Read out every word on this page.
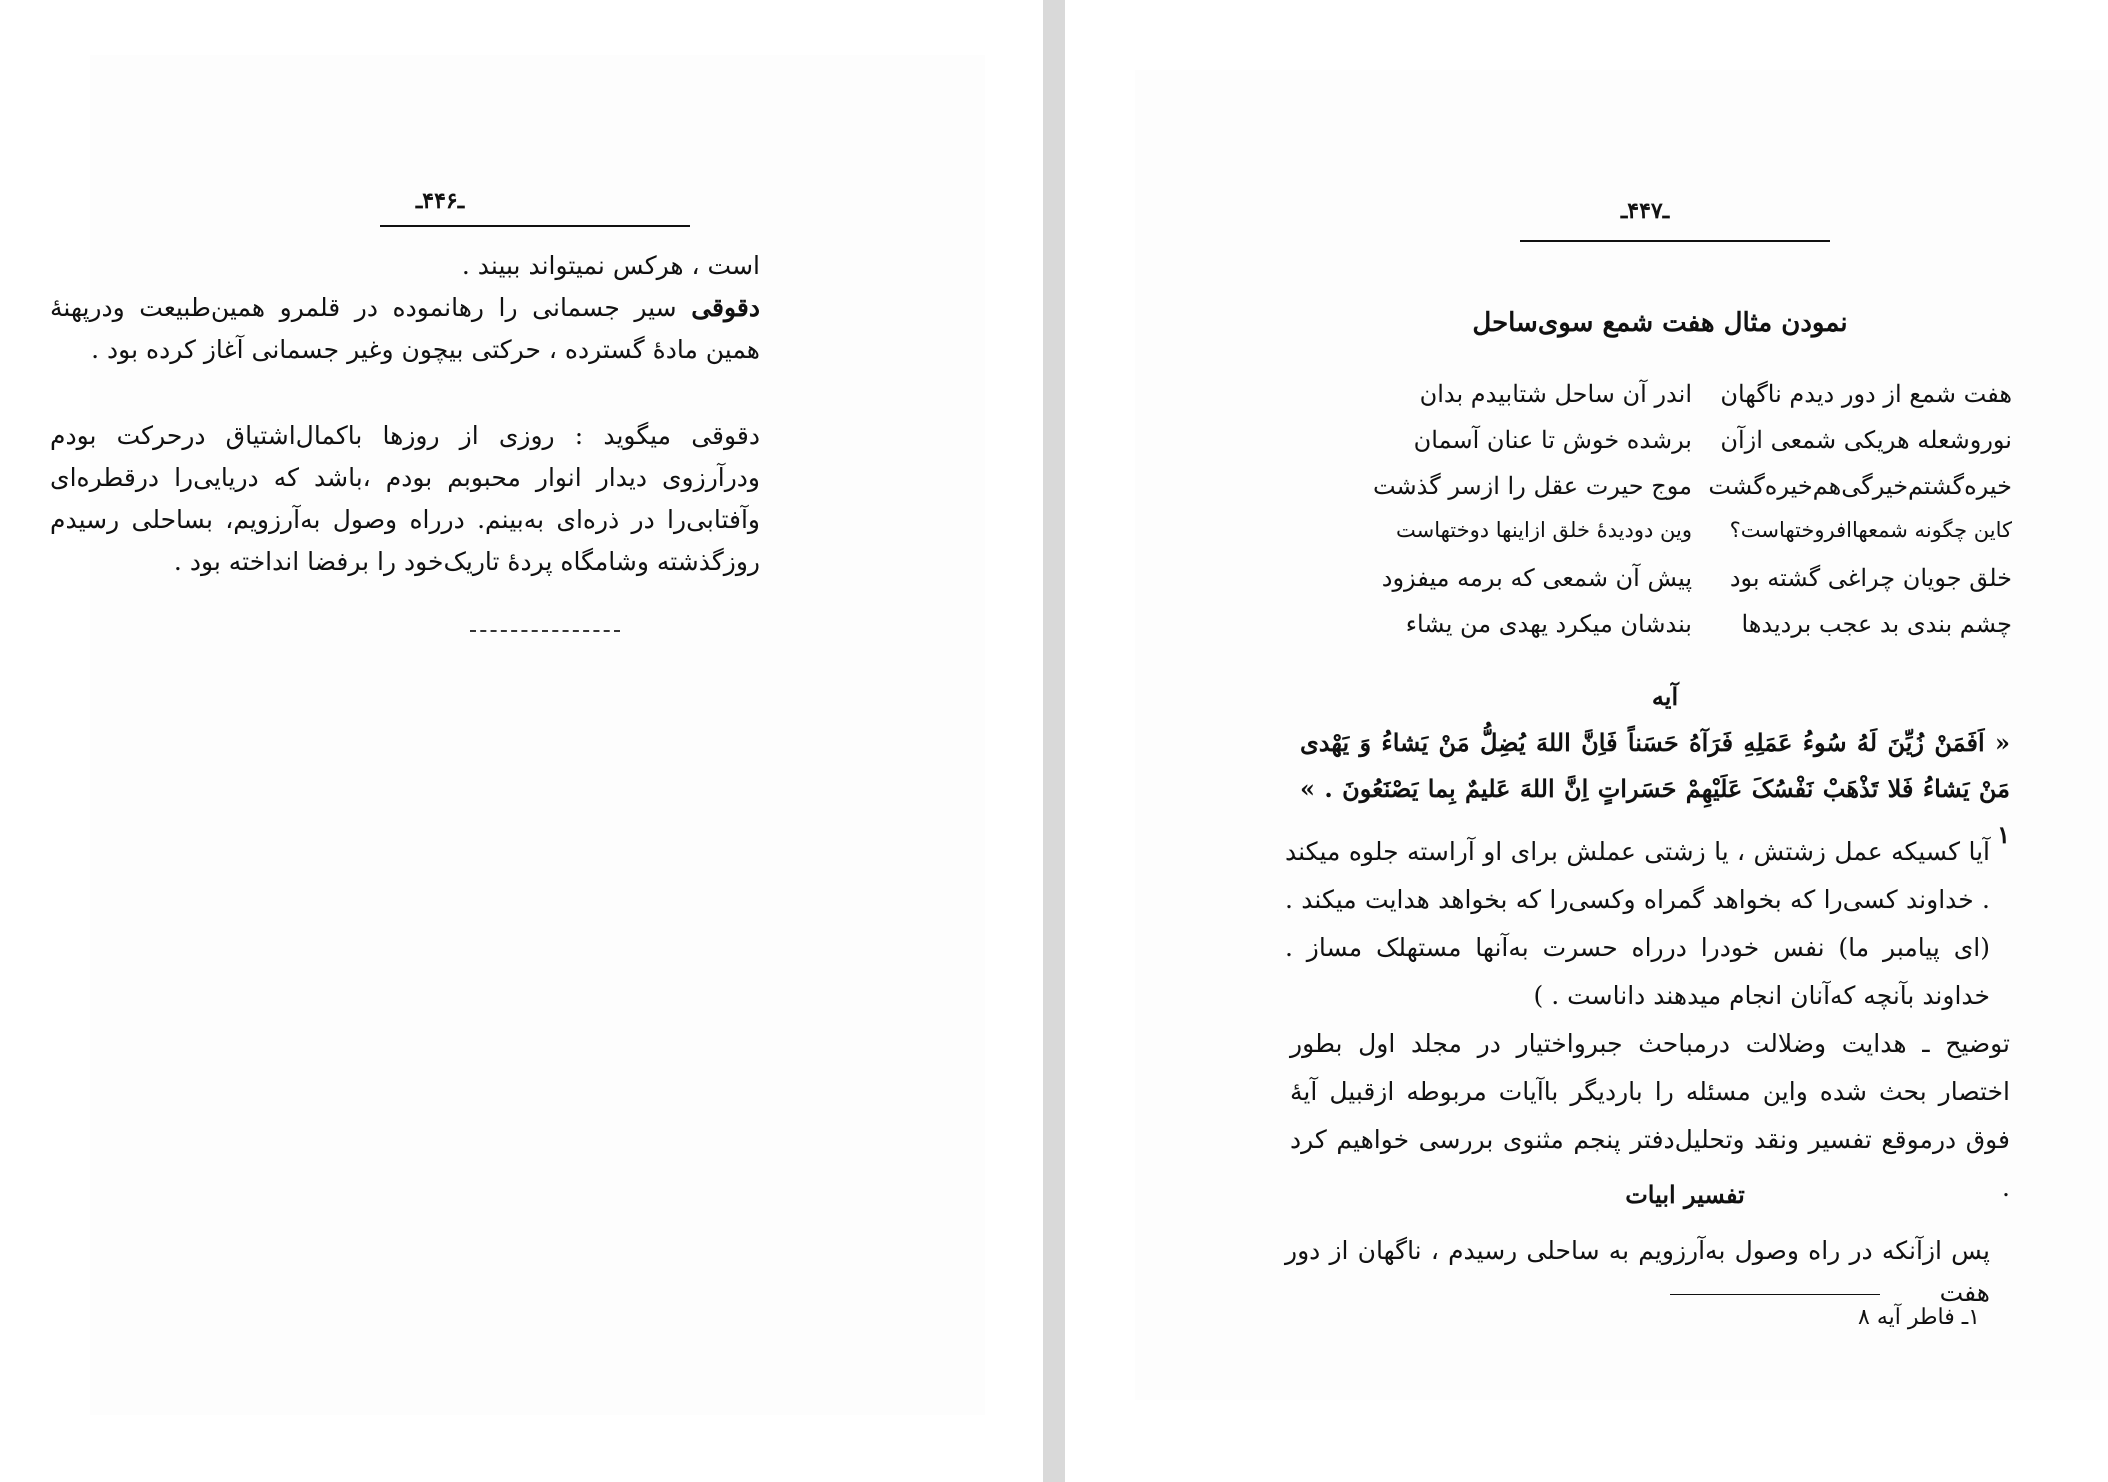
ـ۴۴۶ـ

است ، هرکس نمیتواند ببیند .

دقوقی سیر جسمانی را رهانموده در قلمرو همین‌طبیعت ودرپهنهٔ همین مادهٔ گسترده ، حرکتی بیچون وغیر جسمانی آغاز کرده بود .

دقوقی میگوید : روزی از روزها باکمال‌اشتیاق درحرکت بودم ودرآرزوی دیدار انوار محبوبم بودم ،باشد که دریایی‌را درقطره‌ای وآفتابی‌را در ذره‌ای به‌بینم. درراه وصول به‌آرزویم، بساحلی رسیدم روزگذشته وشامگاه پردهٔ تاریک‌خود را برفضا انداخته بود .

ـ۴۴۷ـ
نمودن مثال هفت شمع سوی‌ساحل
هفت شمع از دور دیدم ناگهان
اندر آن ساحل شتابیدم بدان
نوروشعله هریکی شمعی ازآن
برشده خوش تا عنان آسمان
خیره‌گشتم‌خیرگی‌هم‌خیره‌گشت
موج حیرت عقل را ازسر گذشت
کاین چگونه شمعهاافروختهاست؟
وین دودیده‌ٔ خلق ازاینها دوختهاست
خلق جویان چراغی گشته بود
پیش آن شمعی که برمه میفزود
چشم بندی بد عجب بردیدها
بندشان میکرد یهدی من یشاء
آیه

« اَفَمَنْ زُیِّنَ لَهُ سُوءُ عَمَلِهِ فَرَآهُ حَسَناً فَاِنَّ اللهَ یُضِلُّ مَنْ یَشاءُ وَ یَهْدی مَنْ یَشاءُ فَلا تَذْهَبْ نَفْسُکَ عَلَیْهِمْ حَسَراتٍ اِنَّ اللهَ عَلیمٌ بِما یَصْنَعُونَ . » ۱

آیا کسیکه عمل زشتش ، یا زشتی عملش برای او آراسته جلوه میکند . خداوند کسی‌را که بخواهد گمراه وکسی‌را که بخواهد هدایت میکند . (ای پیامبر ما) نفس خودرا درراه حسرت به‌آنها مستهلک مساز . خداوند بآنچه که‌آنان انجام میدهند داناست . )

توضیح ـ هدایت وضلالت درمباحث جبرواختیار در مجلد اول بطور اختصار بحث شده واین مسئله را باردیگر باآیات مربوطه ازقبیل آیهٔ فوق درموقع تفسیر ونقد وتحلیل‌دفتر پنجم مثنوی بررسی خواهیم کرد .

تفسیر ابیات

پس ازآنکه در راه وصول به‌آرزویم به ساحلی رسیدم ، ناگهان از دور هفت

۱ـ فاطر آیه ۸
